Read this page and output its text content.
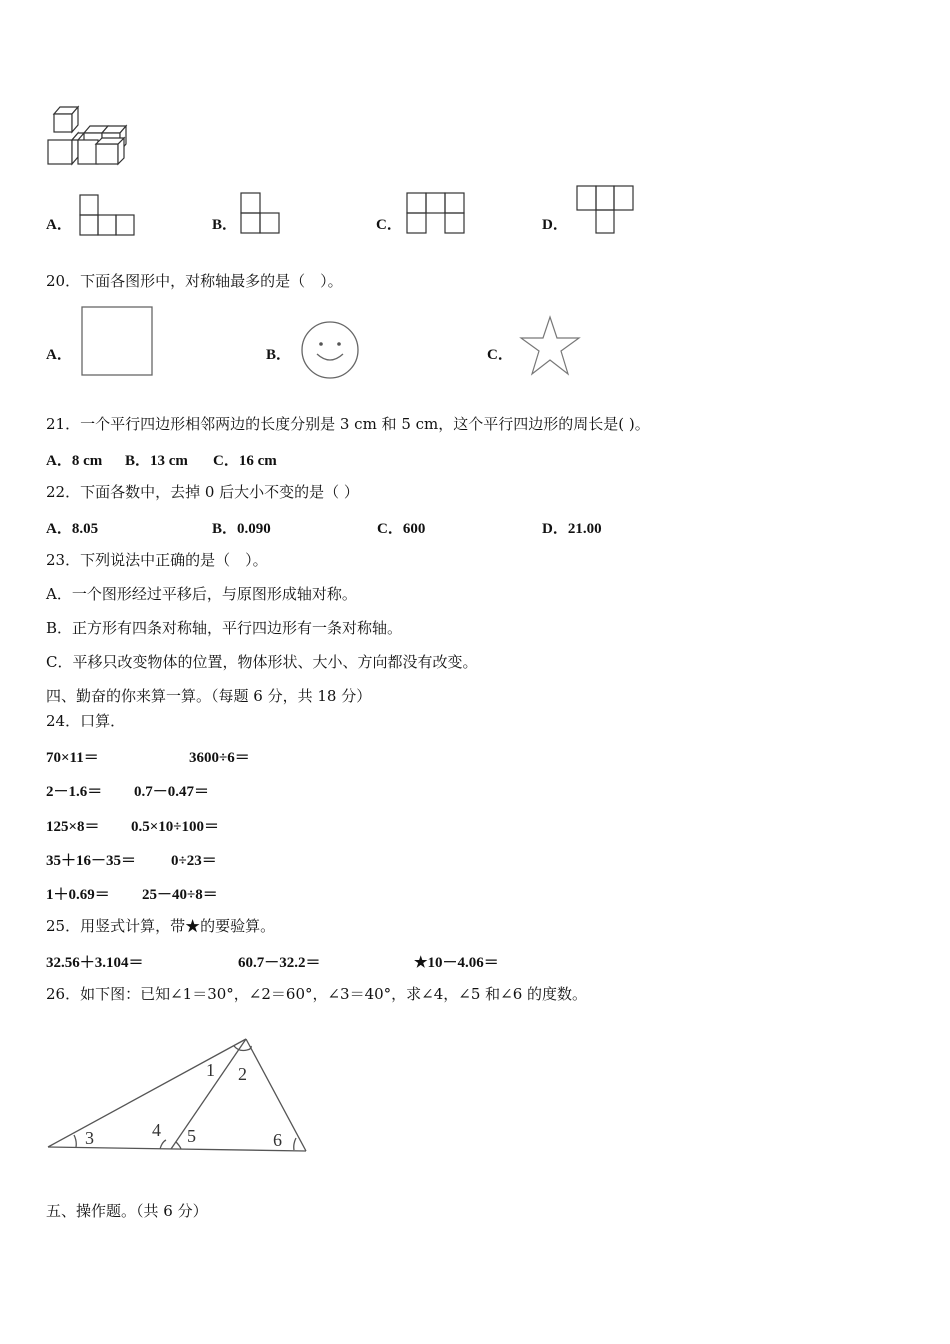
A．	B．	C．	D．
20．下面各图形中，对称轴最多的是（　）。
A．	B．	C．
21．一个平行四边形相邻两边的长度分别是 3 cm 和 5 cm，这个平行四边形的周长是( )。
A．8 cm B．13 cm C．16 cm
22．下面各数中，去掉 0 后大小不变的是（ ）
A．8.05	B．0.090	C．600	D．21.00
23．下列说法中正确的是（　）。
A．一个图形经过平移后，与原图形成轴对称。
B．正方形有四条对称轴，平行四边形有一条对称轴。
C．平移只改变物体的位置，物体形状、大小、方向都没有改变。
四、勤奋的你来算一算。（每题 6 分，共 18 分）
24．口算．
70×11＝	3600÷6＝
2－1.6＝ 0.7－0.47＝
125×8＝ 0.5×10÷100＝
35＋16－35＝ 0÷23＝
1＋0.69＝ 25－40÷8＝
25．用竖式计算，带★的要验算。
32.56＋3.104＝	60.7－32.2＝	★10－4.06＝
26．如下图：已知∠1＝30°，∠2＝60°，∠3＝40°，求∠4，∠5 和∠6 的度数。
1 2
3	4 5	6
五、操作题。（共 6 分）
